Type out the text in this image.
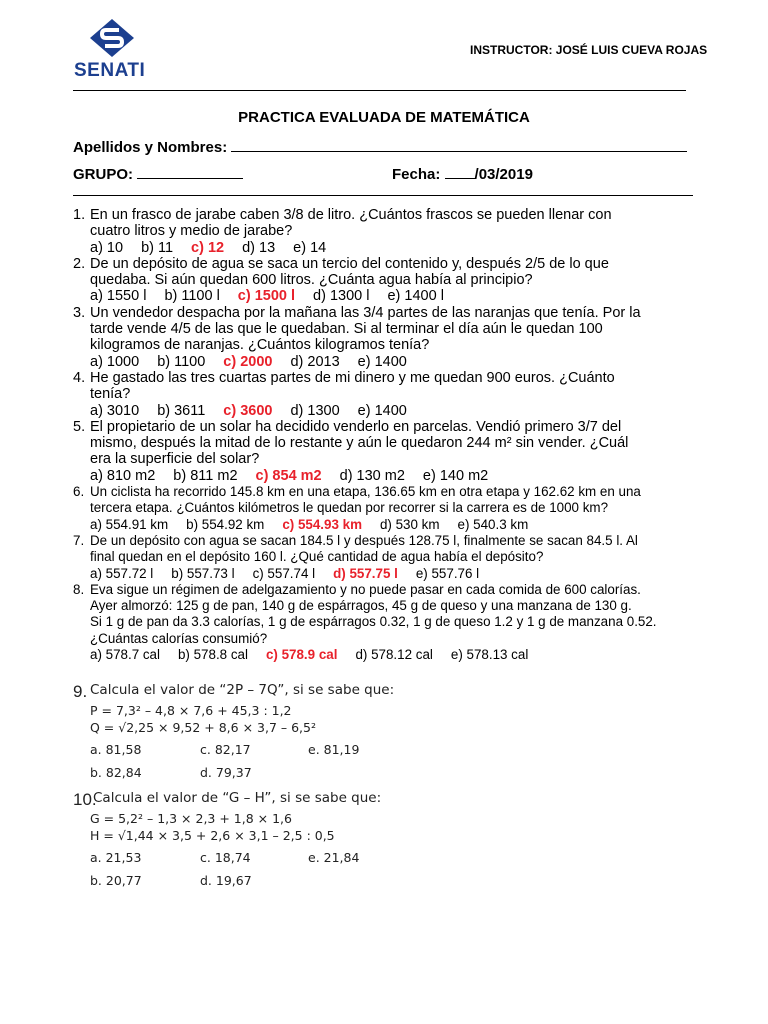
SENATI
INSTRUCTOR: JOSÉ LUIS CUEVA ROJAS
PRACTICA EVALUADA DE MATEMÁTICA
Apellidos y Nombres:
GRUPO:	Fecha: /03/2019
1. En un frasco de jarabe caben 3/8 de litro. ¿Cuántos frascos se pueden llenar con
cuatro litros y medio de jarabe?
a) 10 b) 11 c) 12 d) 13 e) 14
2. De un depósito de agua se saca un tercio del contenido y, después 2/5 de lo que
quedaba. Si aún quedan 600 litros. ¿Cuánta agua había al principio?
a) 1550 l b) 1100 l c) 1500 l d) 1300 l e) 1400 l
3. Un vendedor despacha por la mañana las 3/4 partes de las naranjas que tenía. Por la
tarde vende 4/5 de las que le quedaban. Si al terminar el día aún le quedan 100
kilogramos de naranjas. ¿Cuántos kilogramos tenía?
a) 1000 b) 1100 c) 2000 d) 2013 e) 1400
4. He gastado las tres cuartas partes de mi dinero y me quedan 900 euros. ¿Cuánto
tenía?
a) 3010 b) 3611 c) 3600 d) 1300 e) 1400
5. El propietario de un solar ha decidido venderlo en parcelas. Vendió primero 3/7 del
mismo, después la mitad de lo restante y aún le quedaron 244 m² sin vender. ¿Cuál
era la superficie del solar?
a) 810 m2 b) 811 m2 c) 854 m2 d) 130 m2 e) 140 m2
6. Un ciclista ha recorrido 145.8 km en una etapa, 136.65 km en otra etapa y 162.62 km en una
tercera etapa. ¿Cuántos kilómetros le quedan por recorrer si la carrera es de 1000 km?
a) 554.91 km b) 554.92 km c) 554.93 km d) 530 km e) 540.3 km
7. De un depósito con agua se sacan 184.5 l y después 128.75 l, finalmente se sacan 84.5 l. Al
final quedan en el depósito 160 l. ¿Qué cantidad de agua había el depósito?
a) 557.72 l b) 557.73 l c) 557.74 l d) 557.75 l e) 557.76 l
8. Eva sigue un régimen de adelgazamiento y no puede pasar en cada comida de 600 calorías.
Ayer almorzó: 125 g de pan, 140 g de espárragos, 45 g de queso y una manzana de 130 g.
Si 1 g de pan da 3.3 calorías, 1 g de espárragos 0.32, 1 g de queso 1.2 y 1 g de manzana 0.52.
¿Cuántas calorías consumió?
a) 578.7 cal b) 578.8 cal c) 578.9 cal d) 578.12 cal e) 578.13 cal
9. Calcula el valor de “2P – 7Q”, si se sabe que:
P = 7,3² – 4,8 × 7,6 + 45,3 : 1,2
Q = √2,25 × 9,52 + 8,6 × 3,7 – 6,5²
a. 81,58	c. 82,17	e. 81,19
b. 82,84	d. 79,37
10.
Calcula el valor de “G – H”, si se sabe que:
G = 5,2² – 1,3 × 2,3 + 1,8 × 1,6
H = √1,44 × 3,5 + 2,6 × 3,1 – 2,5 : 0,5
a. 21,53	c. 18,74	e. 21,84
b. 20,77	d. 19,67
